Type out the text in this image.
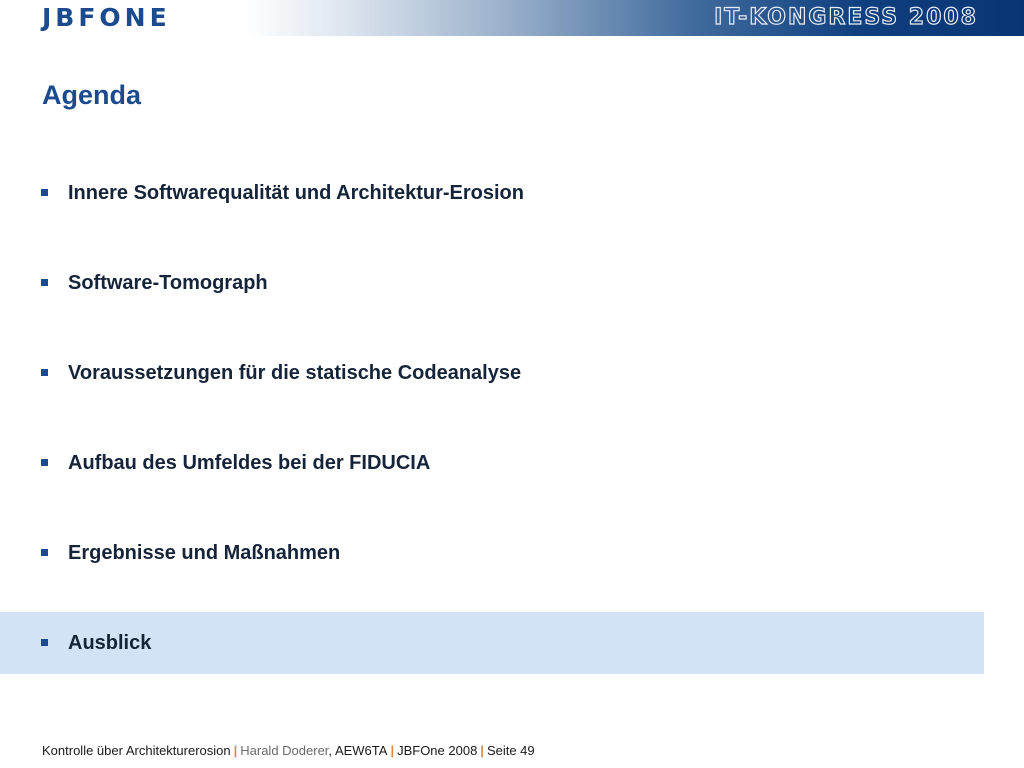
JBFONE	IT-KONGRESS 2008
Agenda
Innere Softwarequalität und Architektur-Erosion
Software-Tomograph
Voraussetzungen für die statische Codeanalyse
Aufbau des Umfeldes bei der FIDUCIA
Ergebnisse und Maßnahmen
Ausblick
Kontrolle über Architekturerosion | Harald Doderer, AEW6TA | JBFOne 2008 | Seite 49
